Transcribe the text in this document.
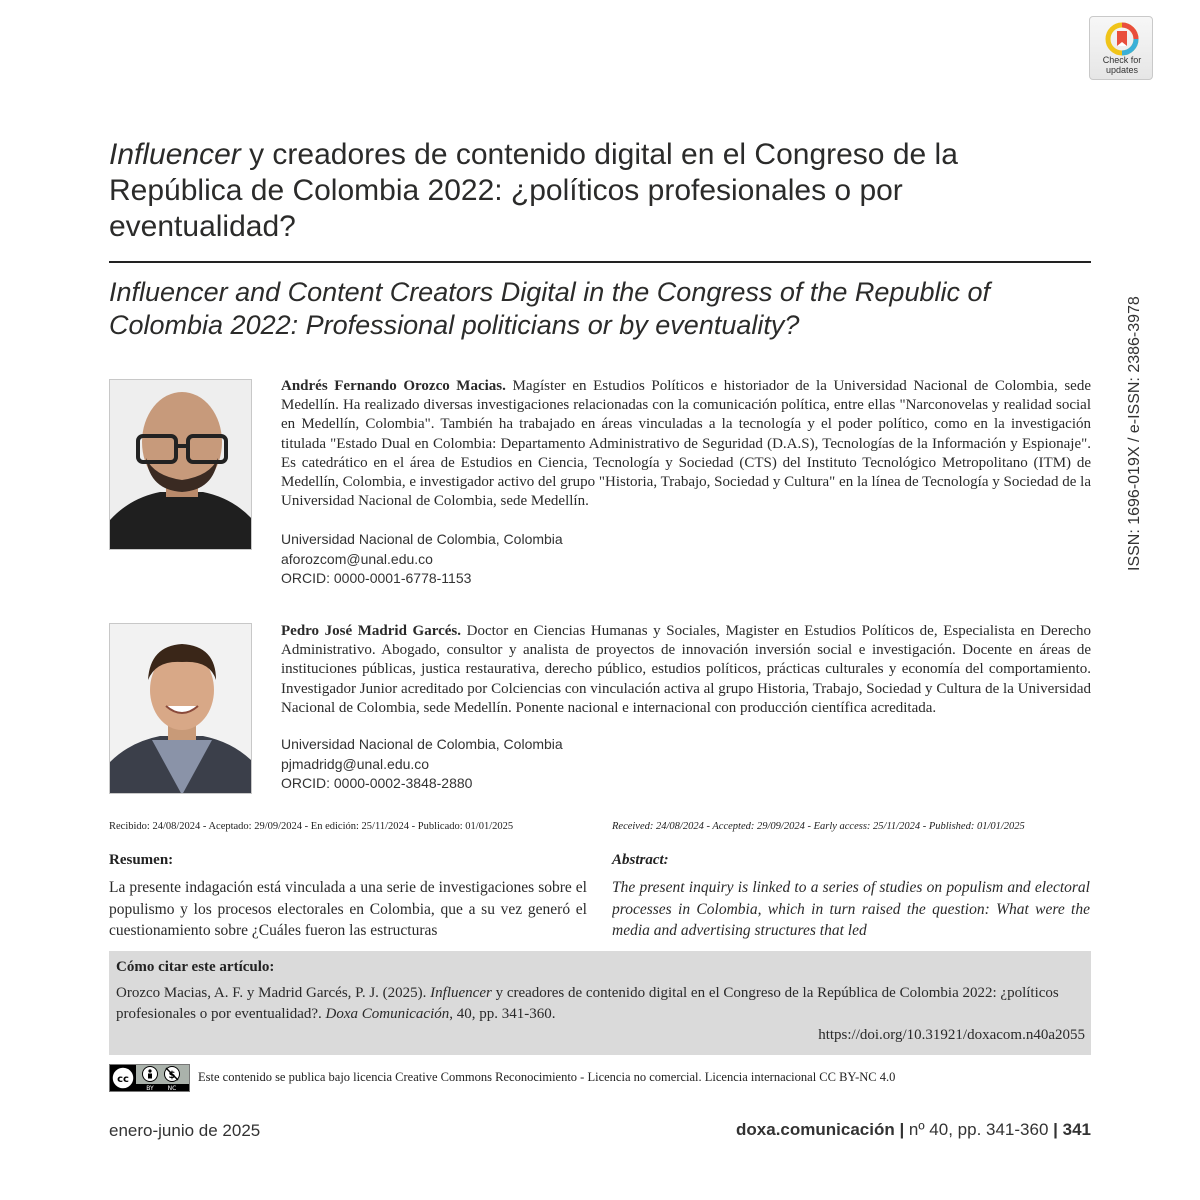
Check for
updates
Influencer y creadores de contenido digital en el Congreso de la República de Colombia 2022: ¿políticos profesionales o por eventualidad?
Influencer and Content Creators Digital in the Congress of the Republic of Colombia 2022: Professional politicians or by eventuality?	ISSN: 1696-019X / e-ISSN: 2386-3978
Andrés Fernando Orozco Macias. Magíster en Estudios Políticos e historiador de la Universidad Nacional de Colombia, sede Medellín. Ha realizado diversas investigaciones relacionadas con la comunicación política, entre ellas "Narconovelas y realidad social en Medellín, Colombia". También ha trabajado en áreas vinculadas a la tecnología y el poder político, como en la investigación titulada "Estado Dual en Colombia: Departamento Administrativo de Seguridad (D.A.S), Tecnologías de la Información y Espionaje". Es catedrático en el área de Estudios en Ciencia, Tecnología y Sociedad (CTS) del Instituto Tecnológico Metropolitano (ITM) de Medellín, Colombia, e investigador activo del grupo "Historia, Trabajo, Sociedad y Cultura" en la línea de Tecnología y Sociedad de la Universidad Nacional de Colombia, sede Medellín.
Universidad Nacional de Colombia, Colombia
aforozcom@unal.edu.co
ORCID: 0000-0001-6778-1153
Pedro José Madrid Garcés. Doctor en Ciencias Humanas y Sociales, Magister en Estudios Políticos de, Especialista en Derecho Administrativo. Abogado, consultor y analista de proyectos de innovación inversión social e investigación. Docente en áreas de instituciones públicas, justica restaurativa, derecho público, estudios políticos, prácticas culturales y economía del comportamiento. Investigador Junior acreditado por Colciencias con vinculación activa al grupo Historia, Trabajo, Sociedad y Cultura de la Universidad Nacional de Colombia, sede Medellín. Ponente nacional e internacional con producción científica acreditada.
Universidad Nacional de Colombia, Colombia
pjmadridg@unal.edu.co
ORCID: 0000-0002-3848-2880
Recibido: 24/08/2024 - Aceptado: 29/09/2024 - En edición: 25/11/2024 - Publicado: 01/01/2025	Received: 24/08/2024 - Accepted: 29/09/2024 - Early access: 25/11/2024 - Published: 01/01/2025
Resumen:
La presente indagación está vinculada a una serie de investigaciones sobre el populismo y los procesos electorales en Colombia, que a su vez generó el cuestionamiento sobre ¿Cuáles fueron las estructuras
Abstract:
The present inquiry is linked to a series of studies on populism and electoral processes in Colombia, which in turn raised the question: What were the media and advertising structures that led
Cómo citar este artículo:
Orozco Macias, A. F. y Madrid Garcés, P. J. (2025). Influencer y creadores de contenido digital en el Congreso de la República de Colombia 2022: ¿políticos profesionales o por eventualidad?. Doxa Comunicación, 40, pp. 341-360.
https://doi.org/10.31921/doxacom.n40a2055
cc	$
BY NC
Este contenido se publica bajo licencia Creative Commons Reconocimiento - Licencia no comercial. Licencia internacional CC BY-NC 4.0
enero-junio de 2025	doxa.comunicación | nº 40, pp. 341-360 | 341
